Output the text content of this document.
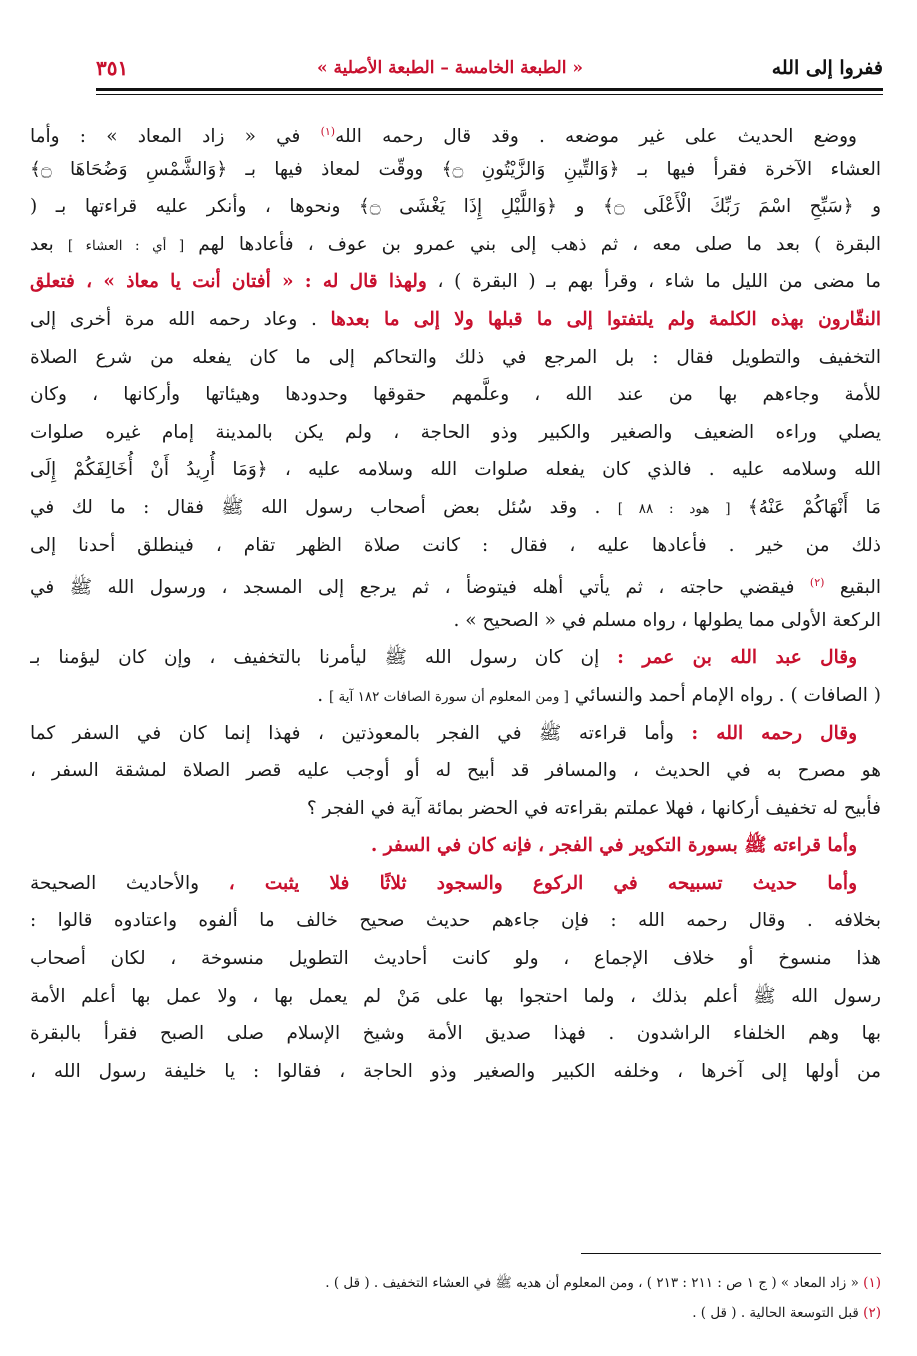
ففروا إلى الله
« الطبعة الخامسة – الطبعة الأصلية »
٣٥١
ووضع الحديث على غير موضعه . وقد قال رحمه الله$^{(١)}$ في « زاد المعاد » : وأما
العشاء الآخرة فقرأ فيها بـ ﴿وَالتِّينِ وَالزَّيْتُونِ ۝﴾ ووقّت لمعاذ فيها بـ ﴿وَالشَّمْسِ وَضُحَاهَا ۝﴾
و ﴿سَبِّحِ اسْمَ رَبِّكَ الْأَعْلَى ۝﴾ و ﴿وَاللَّيْلِ إِذَا يَغْشَى ۝﴾ ونحوها ، وأنكر عليه قراءتها بـ (
البقرة ) بعد ما صلى معه ، ثم ذهب إلى بني عمرو بن عوف ، فأعادها لهم [ أي : العشاء ] بعد
ما مضى من الليل ما شاء ، وقرأ بهم بـ ( البقرة ) ، ولهذا قال له : « أفتان أنت يا معاذ » ، فتعلق
النقّارون بهذه الكلمة ولم يلتفتوا إلى ما قبلها ولا إلى ما بعدها . وعاد رحمه الله مرة أخرى إلى
التخفيف والتطويل فقال : بل المرجع في ذلك والتحاكم إلى ما كان يفعله من شرع الصلاة
للأمة وجاءهم بها من عند الله ، وعلَّمهم حقوقها وحدودها وهيئاتها وأركانها ، وكان
يصلي وراءه الضعيف والصغير والكبير وذو الحاجة ، ولم يكن بالمدينة إمام غيره صلوات
الله وسلامه عليه . فالذي كان يفعله صلوات الله وسلامه عليه ، ﴿وَمَا أُرِيدُ أَنْ أُخَالِفَكُمْ إِلَى
مَا أَنْهَاكُمْ عَنْهُ﴾ [ هود : ٨٨ ] . وقد سُئل بعض أصحاب رسول الله ﷺ فقال : ما لك في
ذلك من خير . فأعادها عليه ، فقال : كانت صلاة الظهر تقام ، فينطلق أحدنا إلى
البقيع $^{(٢)}$ فيقضي حاجته ، ثم يأتي أهله فيتوضأ ، ثم يرجع إلى المسجد ، ورسول الله ﷺ في
الركعة الأولى مما يطولها ، رواه مسلم في « الصحيح » .
وقال عبد الله بن عمر : إن كان رسول الله ﷺ ليأمرنا بالتخفيف ، وإن كان ليؤمنا بـ
( الصافات ) . رواه الإمام أحمد والنسائي [ ومن المعلوم أن سورة الصافات ١٨٢ آية ] .
وقال رحمه الله : وأما قراءته ﷺ في الفجر بالمعوذتين ، فهذا إنما كان في السفر كما
هو مصرح به في الحديث ، والمسافر قد أبيح له أو أوجب عليه قصر الصلاة لمشقة السفر ،
فأبيح له تخفيف أركانها ، فهلا عملتم بقراءته في الحضر بمائة آية في الفجر ؟
وأما قراءته ﷺ بسورة التكوير في الفجر ، فإنه كان في السفر .
وأما حديث تسبيحه في الركوع والسجود ثلاثًا فلا يثبت ، والأحاديث الصحيحة
بخلافه . وقال رحمه الله : فإن جاءهم حديث صحيح خالف ما ألفوه واعتادوه قالوا :
هذا منسوخ أو خلاف الإجماع ، ولو كانت أحاديث التطويل منسوخة ، لكان أصحاب
رسول الله ﷺ أعلم بذلك ، ولما احتجوا بها على مَنْ لم يعمل بها ، ولا عمل بها أعلم الأمة
بها وهم الخلفاء الراشدون . فهذا صديق الأمة وشيخ الإسلام صلى الصبح فقرأ بالبقرة
من أولها إلى آخرها ، وخلفه الكبير والصغير وذو الحاجة ، فقالوا : يا خليفة رسول الله ،
(١) « زاد المعاد » ( ج ١ ص : ٢١١ : ٢١٣ ) ، ومن المعلوم أن هديه ﷺ في العشاء التخفيف . ( قل ) .
(٢) قبل التوسعة الحالية . ( قل ) .
